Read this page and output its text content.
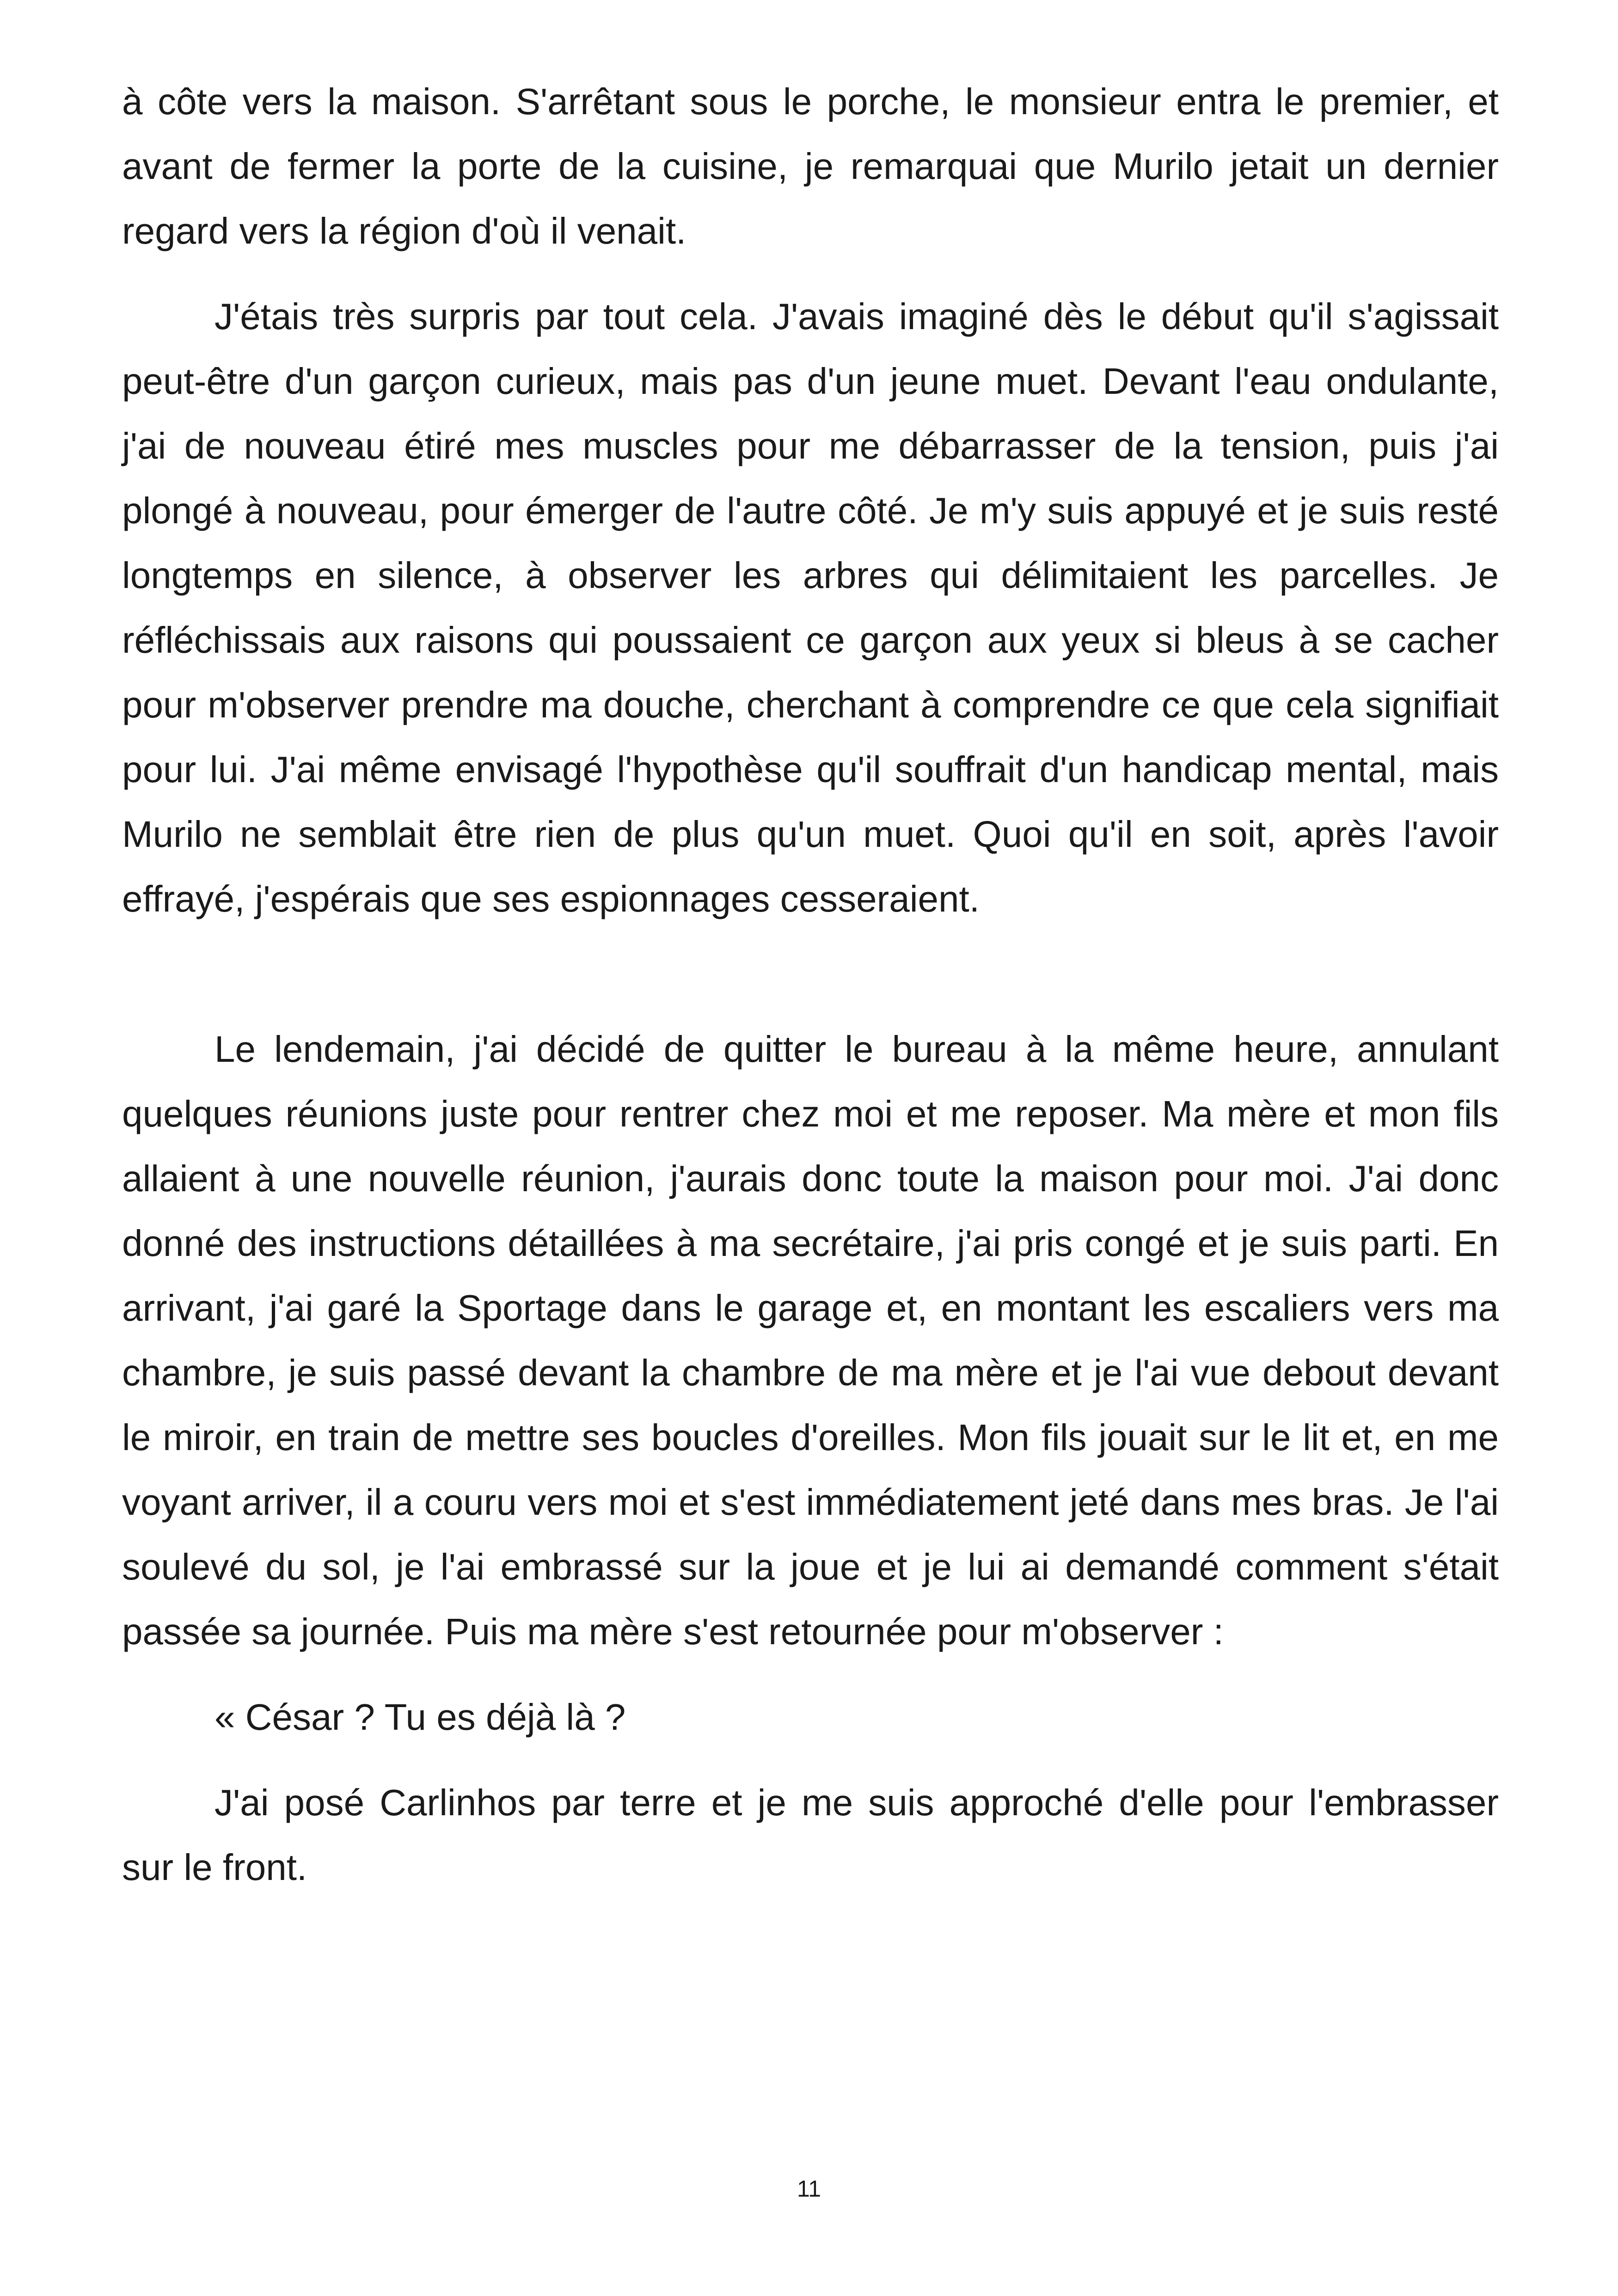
à côte vers la maison. S'arrêtant sous le porche, le monsieur entra le premier, et avant de fermer la porte de la cuisine, je remarquai que Murilo jetait un dernier regard vers la région d'où il venait.

J'étais très surpris par tout cela. J'avais imaginé dès le début qu'il s'agissait peut-être d'un garçon curieux, mais pas d'un jeune muet. Devant l'eau ondulante, j'ai de nouveau étiré mes muscles pour me débarrasser de la tension, puis j'ai plongé à nouveau, pour émerger de l'autre côté. Je m'y suis appuyé et je suis resté longtemps en silence, à observer les arbres qui délimitaient les parcelles. Je réfléchissais aux raisons qui poussaient ce garçon aux yeux si bleus à se cacher pour m'observer prendre ma douche, cherchant à comprendre ce que cela signifiait pour lui. J'ai même envisagé l'hypothèse qu'il souffrait d'un handicap mental, mais Murilo ne semblait être rien de plus qu'un muet. Quoi qu'il en soit, après l'avoir effrayé, j'espérais que ses espionnages cesseraient.

Le lendemain, j'ai décidé de quitter le bureau à la même heure, annulant quelques réunions juste pour rentrer chez moi et me reposer. Ma mère et mon fils allaient à une nouvelle réunion, j'aurais donc toute la maison pour moi. J'ai donc donné des instructions détaillées à ma secrétaire, j'ai pris congé et je suis parti. En arrivant, j'ai garé la Sportage dans le garage et, en montant les escaliers vers ma chambre, je suis passé devant la chambre de ma mère et je l'ai vue debout devant le miroir, en train de mettre ses boucles d'oreilles. Mon fils jouait sur le lit et, en me voyant arriver, il a couru vers moi et s'est immédiatement jeté dans mes bras. Je l'ai soulevé du sol, je l'ai embrassé sur la joue et je lui ai demandé comment s'était passée sa journée. Puis ma mère s'est retournée pour m'observer :

« César ? Tu es déjà là ?

J'ai posé Carlinhos par terre et je me suis approché d'elle pour l'embrasser sur le front.

11
